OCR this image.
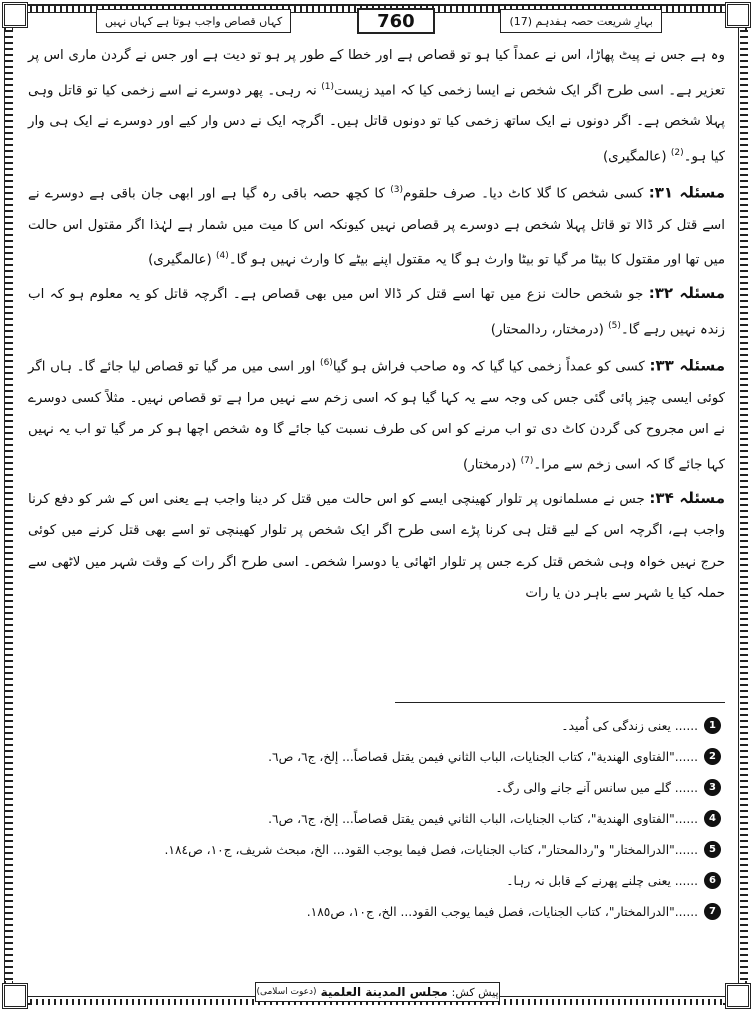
بہارِ شریعت حصہ ہفدہم (17)
760
کہاں قصاص واجب ہوتا ہے کہاں نہیں

وہ ہے جس نے پیٹ پھاڑا، اس نے عمداً کیا ہو تو قصاص ہے اور خطا کے طور پر ہو تو دیت ہے اور جس نے گردن ماری اس پر تعزیر ہے۔ اسی طرح اگر ایک شخص نے ایسا زخمی کیا کہ امید زیست$^{(1)}$ نہ رہی۔ پھر دوسرے نے اسے زخمی کیا تو قاتل وہی پہلا شخص ہے۔ اگر دونوں نے ایک ساتھ زخمی کیا تو دونوں قاتل ہیں۔ اگرچہ ایک نے دس وار کیے اور دوسرے نے ایک ہی وار کیا ہو۔$^{(2)}$ (عالمگیری)

مسئلہ ۳۱: کسی شخص کا گلا کاٹ دیا۔ صرف حلقوم$^{(3)}$ کا کچھ حصہ باقی رہ گیا ہے اور ابھی جان باقی ہے دوسرے نے اسے قتل کر ڈالا تو قاتل پہلا شخص ہے دوسرے پر قصاص نہیں کیونکہ اس کا میت میں شمار ہے لہٰذا اگر مقتول اس حالت میں تھا اور مقتول کا بیٹا مر گیا تو بیٹا وارث ہو گا یہ مقتول اپنے بیٹے کا وارث نہیں ہو گا۔$^{(4)}$ (عالمگیری)

مسئلہ ۳۲: جو شخص حالت نزع میں تھا اسے قتل کر ڈالا اس میں بھی قصاص ہے۔ اگرچہ قاتل کو یہ معلوم ہو کہ اب زندہ نہیں رہے گا۔$^{(5)}$ (درمختار، ردالمحتار)

مسئلہ ۳۳: کسی کو عمداً زخمی کیا گیا کہ وہ صاحب فراش ہو گیا$^{(6)}$ اور اسی میں مر گیا تو قصاص لیا جائے گا۔ ہاں اگر کوئی ایسی چیز پائی گئی جس کی وجہ سے یہ کہا گیا ہو کہ اسی زخم سے نہیں مرا ہے تو قصاص نہیں۔ مثلاً کسی دوسرے نے اس مجروح کی گردن کاٹ دی تو اب مرنے کو اس کی طرف نسبت کیا جائے گا وہ شخص اچھا ہو کر مر گیا تو اب یہ نہیں کہا جائے گا کہ اسی زخم سے مرا۔$^{(7)}$ (درمختار)

مسئلہ ۳۴: جس نے مسلمانوں پر تلوار کھینچی ایسے کو اس حالت میں قتل کر دینا واجب ہے یعنی اس کے شر کو دفع کرنا واجب ہے، اگرچہ اس کے لیے قتل ہی کرنا پڑے اسی طرح اگر ایک شخص پر تلوار کھینچی تو اسے بھی قتل کرنے میں کوئی حرج نہیں خواہ وہی شخص قتل کرے جس پر تلوار اٹھائی یا دوسرا شخص۔ اسی طرح اگر رات کے وقت شہر میں لاٹھی سے حملہ کیا یا شہر سے باہر دن یا رات

1
...... یعنی زندگی کی اُمید۔
2
......"الفتاوی الهندية"، كتاب الجنايات، الباب الثاني فيمن يقتل قصاصاً... إلخ، ج٦، ص٦.
3
...... گلے میں سانس آنے جانے والی رگ۔
4
......"الفتاوی الهندية"، كتاب الجنايات، الباب الثاني فيمن يقتل قصاصاً... إلخ، ج٦، ص٦.
5
......"الدرالمختار" و"ردالمحتار"، كتاب الجنايات، فصل فيما يوجب القود... الخ، مبحث شريف، ج١٠، ص١٨٤.
6
...... یعنی چلنے پھرنے کے قابل نہ رہا۔
7
......"الدرالمختار"، كتاب الجنايات، فصل فيما يوجب القود... الخ، ج١٠، ص١٨٥.
پیش کش:
مجلس المدينة العلمية
(دعوت اسلامی)
